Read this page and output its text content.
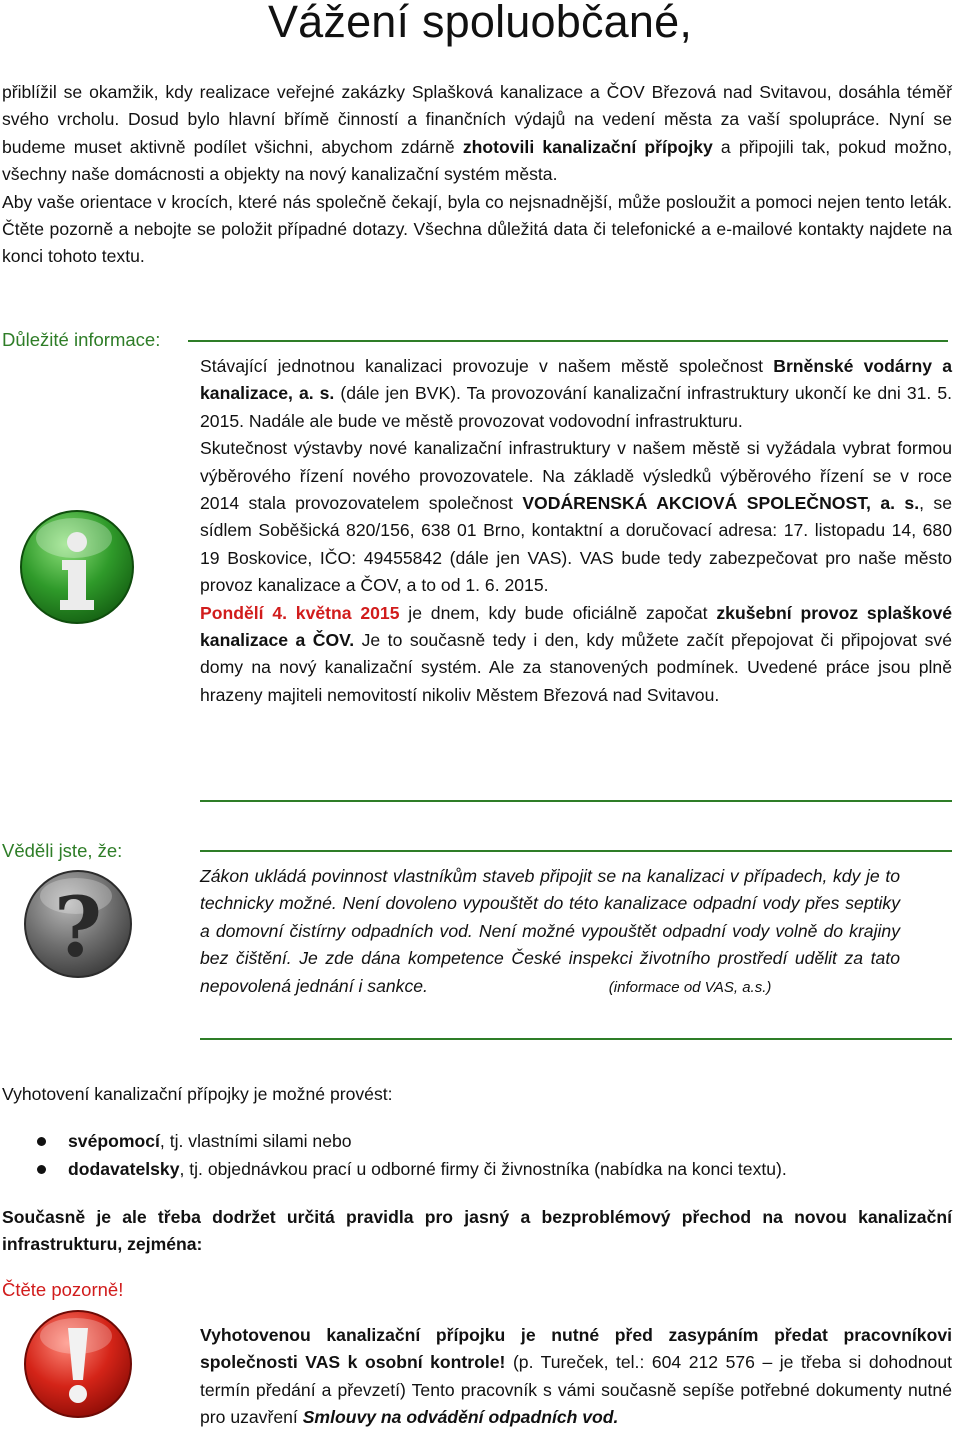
Vážení spoluobčané,

přiblížil se okamžik, kdy realizace veřejné zakázky Splašková kanalizace a ČOV Březová nad Svitavou, dosáhla téměř svého vrcholu. Dosud bylo hlavní břímě činností a finančních výdajů na vedení města za vaší spolupráce. Nyní se budeme muset aktivně podílet všichni, abychom zdárně zhotovili kanalizační přípojky a připojili tak, pokud možno, všechny naše domácnosti a objekty na nový kanalizační systém města.

Aby vaše orientace v krocích, které nás společně čekají, byla co nejsnadnější, může posloužit a pomoci nejen tento leták. Čtěte pozorně a nebojte se položit případné dotazy. Všechna důležitá data či telefonické a e-mailové kontakty najdete na konci tohoto textu.

Důležité informace:

Stávající jednotnou kanalizaci provozuje v našem městě společnost Brněnské vodárny a kanalizace, a. s. (dále jen BVK). Ta provozování kanalizační infrastruktury ukončí ke dni 31. 5. 2015. Nadále ale bude ve městě provozovat vodovodní infrastrukturu.

Skutečnost výstavby nové kanalizační infrastruktury v našem městě si vyžádala vybrat formou výběrového řízení nového provozovatele. Na základě výsledků výběrového řízení se v roce 2014 stala provozovatelem společnost VODÁRENSKÁ AKCIOVÁ SPOLEČNOST, a. s., se sídlem Soběšická 820/156, 638 01 Brno, kontaktní a doručovací adresa: 17. listopadu 14, 680 19 Boskovice, IČO: 49455842 (dále jen VAS). VAS bude tedy zabezpečovat pro naše město provoz kanalizace a ČOV, a to od 1. 6. 2015.

Pondělí 4. května 2015 je dnem, kdy bude oficiálně započat zkušební provoz splaškové kanalizace a ČOV. Je to současně tedy i den, kdy můžete začít přepojovat či připojovat své domy na nový kanalizační systém. Ale za stanovených podmínek. Uvedené práce jsou plně hrazeny majiteli nemovitostí nikoliv Městem Březová nad Svitavou.

Věděli jste, že:
?

Zákon ukládá povinnost vlastníkům staveb připojit se na kanalizaci v případech, kdy je to technicky možné. Není dovoleno vypouštět do této kanalizace odpadní vody přes septiky a domovní čistírny odpadních vod. Není možné vypouštět odpadní vody volně do krajiny bez čištění. Je zde dána kompetence České inspekci životního prostředí udělit za tato nepovolená jednání i sankce.	(informace od VAS, a.s.)

Vyhotovení kanalizační přípojky je možné provést:

svépomocí, tj. vlastními silami nebo
dodavatelsky, tj. objednávkou prací u odborné firmy či živnostníka (nabídka na konci textu).

Současně je ale třeba dodržet určitá pravidla pro jasný a bezproblémový přechod na novou kanalizační infrastrukturu, zejména:

Čtěte pozorně!

Vyhotovenou kanalizační přípojku je nutné před zasypáním předat pracovníkovi společnosti VAS k osobní kontrole! (p. Tureček, tel.: 604 212 576 – je třeba si dohodnout termín předání a převzetí) Tento pracovník s vámi současně sepíše potřebné dokumenty nutné pro uzavření Smlouvy na odvádění odpadních vod.
